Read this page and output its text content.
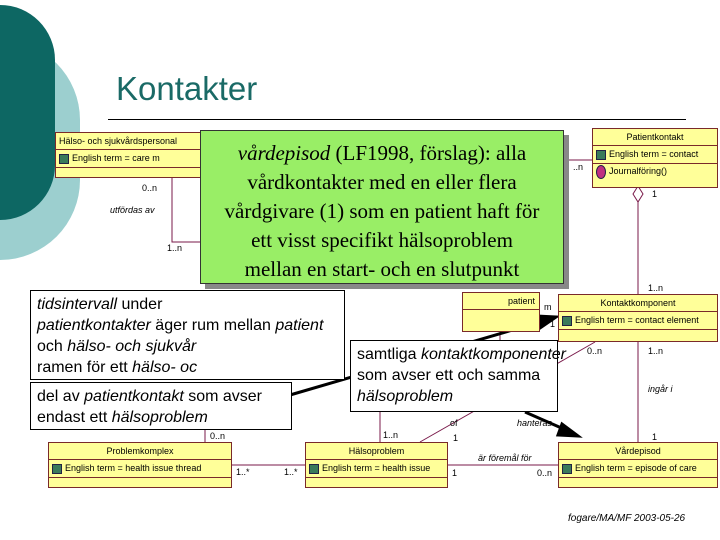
Kontakter
Hälso- och sjukvårdspersonal
English term = care m
Patientkontakt
English term = contact
Journalföring()
patient	Kontaktkomponent
English term = contact element
Problemkomplex
English term = health issue thread
Hälsoproblem
English term = health issue
Vårdepisod
English term = episode of care
0..n
utfördas av
1..n
..n
1
1..n
m
1
0..n	1..n
ingår i
hanteras
of
0..n	1..n	1	1
1..*	1..*
är föremål för
1	0..n
vårdepisod (LF1998, förslag): alla
vårdkontakter med en eller flera
vårdgivare (1) som en patient haft för
ett visst specifikt hälsoproblem
mellan en start- och en slutpunkt
tidsintervall under
patientkontakter äger rum mellan patient
och hälso- och sjukvår
ramen för ett hälso- oc
del av patientkontakt som avser
endast ett hälsoproblem
samtliga kontaktkomponenter
som avser ett och samma
hälsoproblem
fogare/MA/MF 2003-05-26
